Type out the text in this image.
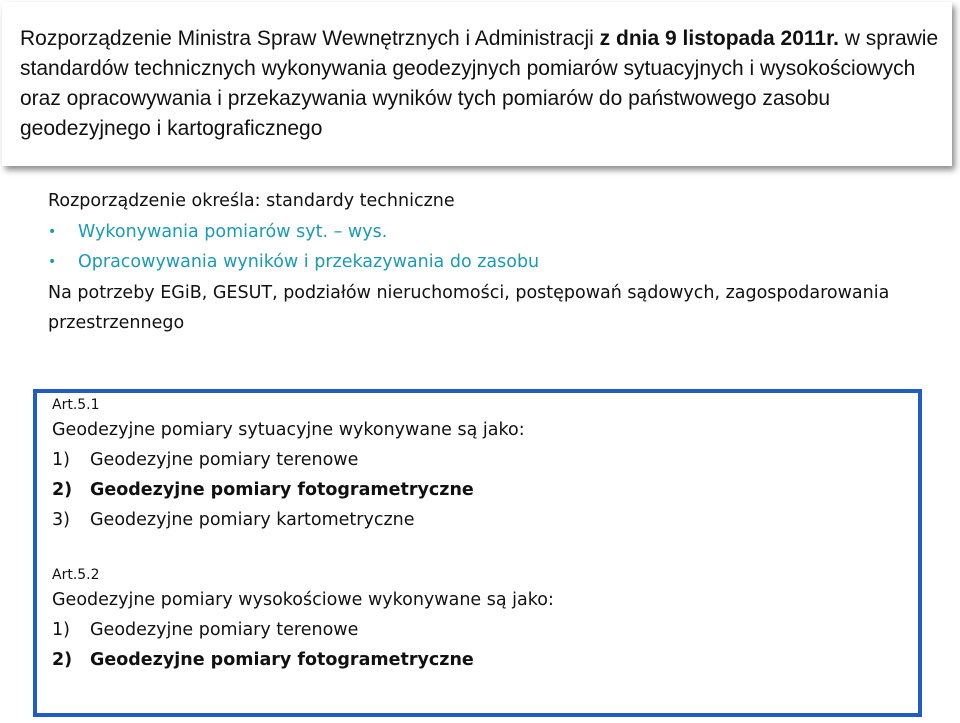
Rozporządzenie Ministra Spraw Wewnętrznych i Administracji z dnia 9 listopada 2011r. w sprawie standardów technicznych wykonywania geodezyjnych pomiarów sytuacyjnych i wysokościowych oraz opracowywania i przekazywania wyników tych pomiarów do państwowego zasobu geodezyjnego i kartograficznego

Rozporządzenie określa: standardy techniczne

• Wykonywania pomiarów syt. – wys.

• Opracowywania wyników i przekazywania do zasobu

Na potrzeby EGiB, GESUT, podziałów nieruchomości, postępowań sądowych, zagospodarowania przestrzennego

Art.5.1

Geodezyjne pomiary sytuacyjne wykonywane są jako:

1)	Geodezyjne pomiary terenowe
2)	Geodezyjne pomiary fotogrametryczne
3)	Geodezyjne pomiary kartometryczne

Art.5.2

Geodezyjne pomiary wysokościowe wykonywane są jako:

1)	Geodezyjne pomiary terenowe
2)	Geodezyjne pomiary fotogrametryczne
